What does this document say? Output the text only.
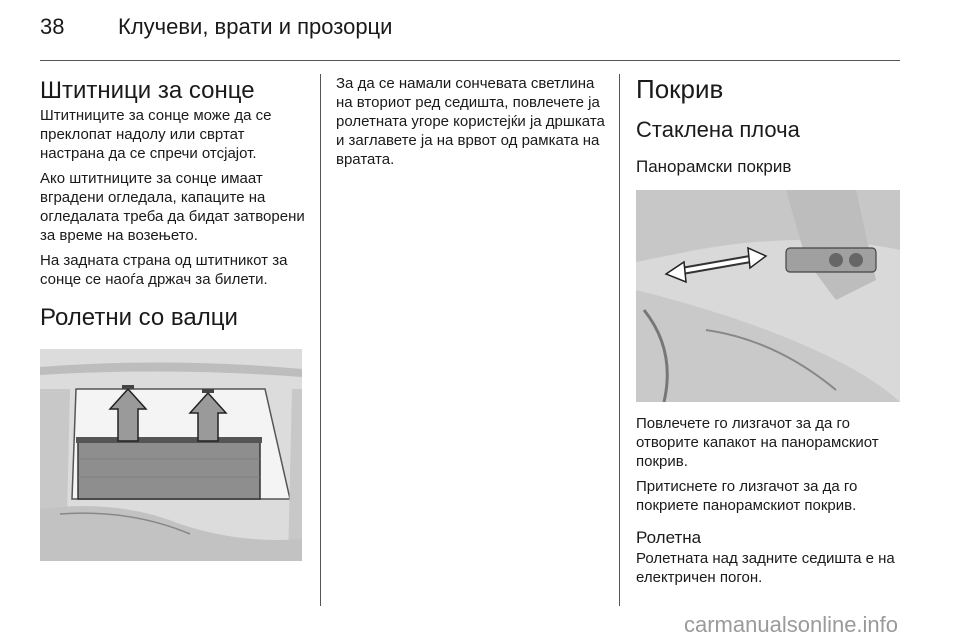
38 Клучеви, врати и прозорци
Штитници за сонце

Штитниците за сонце може да се преклопат надолу или свртат настрана да се спречи отсјајот.

Ако штитниците за сонце имаат вградени огледала, капаците на огледалата треба да бидат затворени за време на возењето.

На задната страна од штитникот за сонце се наоѓа држач за билети.

Ролетни со валци

За да се намали сончевата светлина на вториот ред седишта, повлечете ја ролетната угоре користејќи ја дршката и заглавете ја на врвот од рамката на вратата.

Покрив
Стаклена плоча
Панорамски покрив

Повлечете го лизгачот за да го отворите капакот на панорамскиот покрив.

Притиснете го лизгачот за да го покриете панорамскиот покрив.

Ролетна

Ролетната над задните седишта е на електричен погон.

carmanualsonline.info
